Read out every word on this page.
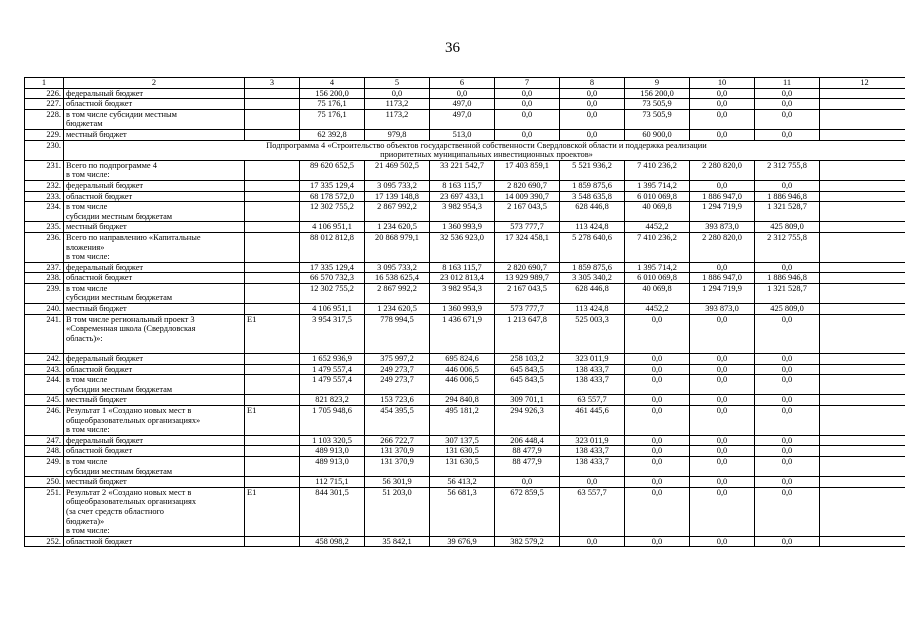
36
1	2	3	4	5	6	7	8	9	10	11	12
226.	федеральный бюджет		156 200,0	0,0	0,0	0,0	0,0	156 200,0	0,0	0,0	
227.	областной бюджет		75 176,1	1173,2	497,0	0,0	0,0	73 505,9	0,0	0,0	
228.	в том числе субсидии местным
бюджетам		75 176,1	1173,2	497,0	0,0	0,0	73 505,9	0,0	0,0	
229.	местный бюджет		62 392,8	979,8	513,0	0,0	0,0	60 900,0	0,0	0,0	
230.	Подпрограмма 4 «Строительство объектов государственной собственности Свердловской области и поддержка реализации
приоритетных муниципальных инвестиционных проектов»										
231.	Всего по подпрограмме 4
в том числе:		89 620 652,5	21 469 502,5	33 221 542,7	17 403 859,1	5 521 936,2	7 410 236,2	2 280 820,0	2 312 755,8	
232.	федеральный бюджет		17 335 129,4	3 095 733,2	8 163 115,7	2 820 690,7	1 859 875,6	1 395 714,2	0,0	0,0	
233.	областной бюджет		68 178 572,0	17 139 148,8	23 697 433,1	14 009 390,7	3 548 635,8	6 010 069,8	1 886 947,0	1 886 946,8	
234.	в том числе
субсидии местным бюджетам		12 302 755,2	2 867 992,2	3 982 954,3	2 167 043,5	628 446,8	40 069,8	1 294 719,9	1 321 528,7	
235.	местный бюджет		4 106 951,1	1 234 620,5	1 360 993,9	573 777,7	113 424,8	4452,2	393 873,0	425 809,0	
236.	Всего по направлению «Капитальные
вложения»
в том числе:		88 012 812,8	20 868 979,1	32 536 923,0	17 324 458,1	5 278 640,6	7 410 236,2	2 280 820,0	2 312 755,8	
237.	федеральный бюджет		17 335 129,4	3 095 733,2	8 163 115,7	2 820 690,7	1 859 875,6	1 395 714,2	0,0	0,0	
238.	областной бюджет		66 570 732,3	16 538 625,4	23 012 813,4	13 929 989,7	3 305 340,2	6 010 069,8	1 886 947,0	1 886 946,8	
239.	в том числе
субсидии местным бюджетам		12 302 755,2	2 867 992,2	3 982 954,3	2 167 043,5	628 446,8	40 069,8	1 294 719,9	1 321 528,7	
240.	местный бюджет		4 106 951,1	1 234 620,5	1 360 993,9	573 777,7	113 424,8	4452,2	393 873,0	425 809,0	
241.	В том числе региональный проект 3
«Современная школа (Свердловская
область)»:	Е1	3 954 317,5	778 994,5	1 436 671,9	1 213 647,8	525 003,3	0,0	0,0	0,0	
242.	федеральный бюджет		1 652 936,9	375 997,2	695 824,6	258 103,2	323 011,9	0,0	0,0	0,0	
243.	областной бюджет		1 479 557,4	249 273,7	446 006,5	645 843,5	138 433,7	0,0	0,0	0,0	
244.	в том числе
субсидии местным бюджетам		1 479 557,4	249 273,7	446 006,5	645 843,5	138 433,7	0,0	0,0	0,0	
245.	местный бюджет		821 823,2	153 723,6	294 840,8	309 701,1	63 557,7	0,0	0,0	0,0	
246.	Результат 1 «Создано новых мест в
общеобразовательных организациях»
в том числе:	Е1	1 705 948,6	454 395,5	495 181,2	294 926,3	461 445,6	0,0	0,0	0,0	
247.	федеральный бюджет		1 103 320,5	266 722,7	307 137,5	206 448,4	323 011,9	0,0	0,0	0,0	
248.	областной бюджет		489 913,0	131 370,9	131 630,5	88 477,9	138 433,7	0,0	0,0	0,0	
249.	в том числе
субсидии местным бюджетам		489 913,0	131 370,9	131 630,5	88 477,9	138 433,7	0,0	0,0	0,0	
250.	местный бюджет		112 715,1	56 301,9	56 413,2	0,0	0,0	0,0	0,0	0,0	
251.	Результат 2 «Создано новых мест в
общеобразовательных организациях
(за счет средств областного
бюджета)»
в том числе:	Е1	844 301,5	51 203,0	56 681,3	672 859,5	63 557,7	0,0	0,0	0,0	
252.	областной бюджет		458 098,2	35 842,1	39 676,9	382 579,2	0,0	0,0	0,0	0,0	
